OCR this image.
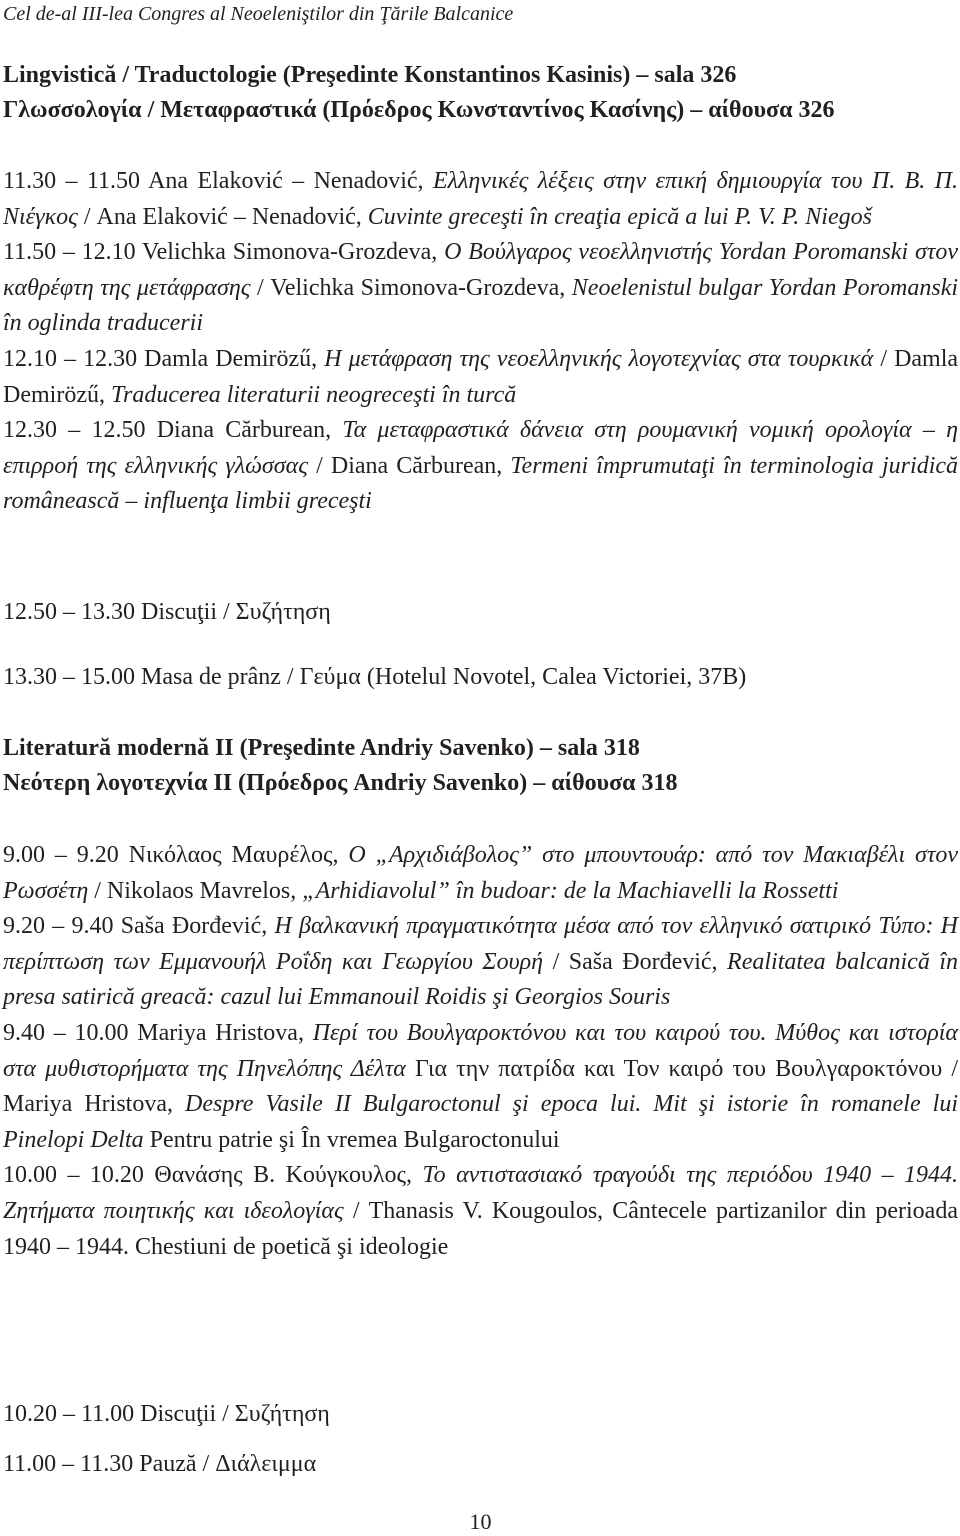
Cel de-al III-lea Congres al Neoeleniştilor din Ţările Balcanice
Lingvistică / Traductologie (Preşedinte Konstantinos Kasinis) – sala 326
Γλωσσολογία / Μεταφραστικά (Πρόεδρος Κωνσταντίνος Κασίνης) – αίθουσα 326
11.30 – 11.50 Ana Elaković – Nenadović, Ελληνικές λέξεις στην επική δημιουργία του Π. Β. Π. Νιέγκος / Ana Elaković – Nenadović, Cuvinte greceşti în creaţia epică a lui P. V. P. Niegoš
11.50 – 12.10 Velichka Simonova-Grozdeva, Ο Βούλγαρος νεοελληνιστής Yordan Poromanski στον καθρέφτη της μετάφρασης / Velichka Simonova-Grozdeva, Neoelenistul bulgar Yordan Poromanski în oglinda traducerii
12.10 – 12.30 Damla Demirözű, Η μετάφραση της νεοελληνικής λογοτεχνίας στα τουρκικά / Damla Demirözű, Traducerea literaturii neogreceşti în turcă
12.30 – 12.50 Diana Cărburean, Τα μεταφραστικά δάνεια στη ρουμανική νομική ορολογία – η επιρροή της ελληνικής γλώσσας / Diana Cărburean, Termeni împrumutaţi în terminologia juridică românească – influenţa limbii greceşti
12.50 – 13.30 Discuţii / Συζήτηση
13.30 – 15.00 Masa de prânz / Γεύμα (Hotelul Novotel, Calea Victoriei, 37B)
Literatură modernă II (Preşedinte Andriy Savenko) – sala 318
Νεότερη λογοτεχνία ΙΙ (Πρόεδρος Andriy Savenko) – αίθουσα 318
9.00 – 9.20 Νικόλαος Μαυρέλος, Ο „Αρχιδιάβολος” στο μπουντουάρ: από τον Μακιαβέλι στον Ρωσσέτη / Nikolaos Mavrelos, „Arhidiavolul” în budoar: de la Machiavelli la Rossetti
9.20 – 9.40 Saša Đorđević, Η βαλκανική πραγματικότητα μέσα από τον ελληνικό σατιρικό Τύπο: Η περίπτωση των Εμμανουήλ Ροΐδη και Γεωργίου Σουρή / Saša Đorđević, Realitatea balcanică în presa satirică greacă: cazul lui Emmanouil Roidis şi Georgios Souris
9.40 – 10.00 Mariya Hristova, Περί του Βουλγαροκτόνου και του καιρού του. Μύθος και ιστορία στα μυθιστορήματα της Πηνελόπης Δέλτα Για την πατρίδα και Τον καιρό του Βουλγαροκτόνου / Mariya Hristova, Despre Vasile II Bulgaroctonul şi epoca lui. Mit şi istorie în romanele lui Pinelopi Delta Pentru patrie şi În vremea Bulgaroctonului
10.00 – 10.20 Θανάσης Β. Κούγκουλος, Το αντιστασιακό τραγούδι της περιόδου 1940 – 1944. Ζητήματα ποιητικής και ιδεολογίας / Thanasis V. Kougoulos, Cântecele partizanilor din perioada 1940 – 1944. Chestiuni de poetică şi ideologie
10.20 – 11.00 Discuţii / Συζήτηση
11.00 – 11.30 Pauză / Διάλειμμα
10
